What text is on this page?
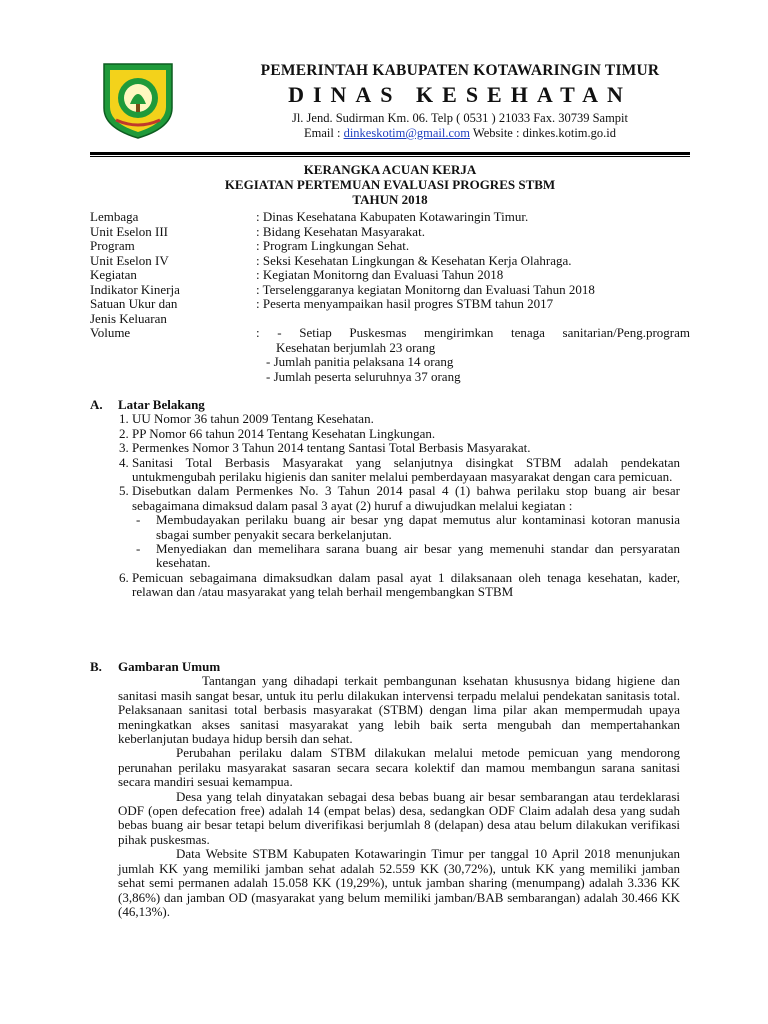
PEMERINTAH KABUPATEN KOTAWARINGIN TIMUR
DINAS KESEHATAN
Jl. Jend. Sudirman Km. 06. Telp ( 0531 ) 21033 Fax. 30739 Sampit
Email : dinkeskotim@gmail.com Website : dinkes.kotim.go.id
KERANGKA ACUAN KERJA
KEGIATAN PERTEMUAN EVALUASI PROGRES STBM
TAHUN 2018
Lembaga	: Dinas Kesehatana Kabupaten Kotawaringin Timur.
Unit Eselon III	: Bidang Kesehatan Masyarakat.
Program	: Program Lingkungan Sehat.
Unit Eselon IV	: Seksi Kesehatan Lingkungan & Kesehatan Kerja Olahraga.
Kegiatan	: Kegiatan Monitorng dan Evaluasi Tahun 2018
Indikator Kinerja	: Terselenggaranya kegiatan Monitorng dan Evaluasi Tahun 2018
Satuan Ukur dan	: Peserta menyampaikan hasil progres STBM tahun 2017
Jenis Keluaran
Volume	: - Setiap Puskesmas mengirimkan tenaga sanitarian/Peng.program
Kesehatan berjumlah 23 orang
- Jumlah panitia pelaksana 14 orang
- Jumlah peserta seluruhnya 37 orang
A. Latar Belakang
1. UU Nomor 36 tahun 2009 Tentang Kesehatan.
2. PP Nomor 66 tahun 2014 Tentang Kesehatan Lingkungan.
3. Permenkes Nomor 3 Tahun 2014 tentang Santasi Total Berbasis Masyarakat.
4. Sanitasi Total Berbasis Masyarakat yang selanjutnya disingkat STBM adalah pendekatan untukmengubah perilaku higienis dan saniter melalui pemberdayaan masyarakat dengan cara pemicuan.
5. Disebutkan dalam Permenkes No. 3 Tahun 2014 pasal 4 (1) bahwa perilaku stop buang air besar sebagaimana dimaksud dalam pasal 3 ayat (2) huruf a diwujudkan melalui kegiatan :
- Membudayakan perilaku buang air besar yng dapat memutus alur kontaminasi kotoran manusia sbagai sumber penyakit secara berkelanjutan.
- Menyediakan dan memelihara sarana buang air besar yang memenuhi standar dan persyaratan kesehatan.
6. Pemicuan sebagaimana dimaksudkan dalam pasal ayat 1 dilaksanaan oleh tenaga kesehatan, kader, relawan dan /atau masyarakat yang telah berhail mengembangkan STBM
B. Gambaran Umum

Tantangan yang dihadapi terkait pembangunan ksehatan khususnya bidang higiene dan sanitasi masih sangat besar, untuk itu perlu dilakukan intervensi terpadu melalui pendekatan sanitasis total. Pelaksanaan sanitasi total berbasis masyarakat (STBM) dengan lima pilar akan mempermudah upaya meningkatkan akses sanitasi masyarakat yang lebih baik serta mengubah dan mempertahankan keberlanjutan budaya hidup bersih dan sehat.

Perubahan perilaku dalam STBM dilakukan melalui metode pemicuan yang mendorong perunahan perilaku masyarakat sasaran secara secara kolektif dan mamou membangun sarana sanitasi secara mandiri sesuai kemampua.

Desa yang telah dinyatakan sebagai desa bebas buang air besar sembarangan atau terdeklarasi ODF (open defecation free) adalah 14 (empat belas) desa, sedangkan ODF Claim adalah desa yang sudah bebas buang air besar tetapi belum diverifikasi berjumlah 8 (delapan) desa atau belum dilakukan verifikasi pihak puskesmas.

Data Website STBM Kabupaten Kotawaringin Timur per tanggal 10 April 2018 menunjukan jumlah KK yang memiliki jamban sehat adalah 52.559 KK (30,72%), untuk KK yang memiliki jamban sehat semi permanen adalah 15.058 KK (19,29%), untuk jamban sharing (menumpang) adalah 3.336 KK (3,86%) dan jamban OD (masyarakat yang belum memiliki jamban/BAB sembarangan) adalah 30.466 KK (46,13%).
